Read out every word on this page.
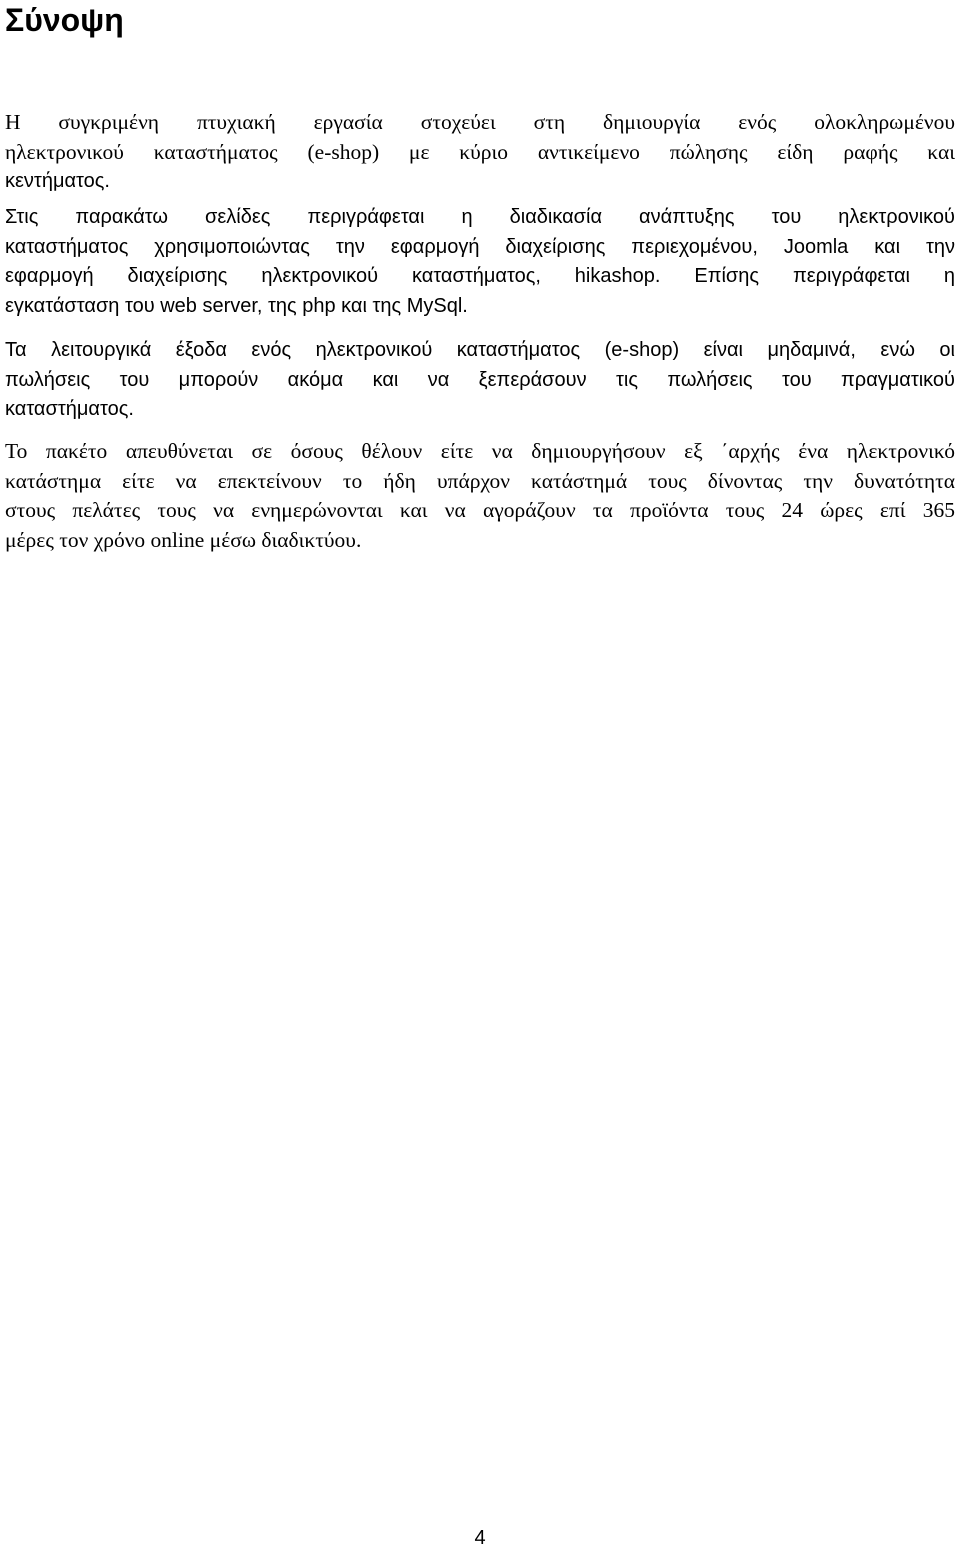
Σύνοψη
Η συγκριμένη πτυχιακή εργασία στοχεύει στη δημιουργία ενός ολοκληρωμένου
ηλεκτρονικού καταστήματος (e-shop) με κύριο αντικείμενο πώλησης είδη ραφής και
κεντήματος.
Στις παρακάτω σελίδες περιγράφεται η διαδικασία ανάπτυξης του ηλεκτρονικού
καταστήματος χρησιμοποιώντας την εφαρμογή διαχείρισης περιεχομένου, Joomla και την
εφαρμογή διαχείρισης ηλεκτρονικού καταστήματος, hikashop. Επίσης περιγράφεται η
εγκατάσταση του web server, της php και της MySql.
Τα λειτουργικά έξοδα ενός ηλεκτρονικού καταστήματος (e-shop) είναι μηδαμινά, ενώ οι
πωλήσεις του μπορούν ακόμα και να ξεπεράσουν τις πωλήσεις του πραγματικού
καταστήματος.
Το πακέτο απευθύνεται σε όσους θέλουν είτε να δημιουργήσουν εξ ΄αρχής ένα ηλεκτρονικό
κατάστημα είτε να επεκτείνουν το ήδη υπάρχον κατάστημά τους δίνοντας την δυνατότητα
στους πελάτες τους να ενημερώνονται και να αγοράζουν τα προϊόντα τους 24 ώρες επί 365
μέρες τον χρόνο online μέσω διαδικτύου.
4
